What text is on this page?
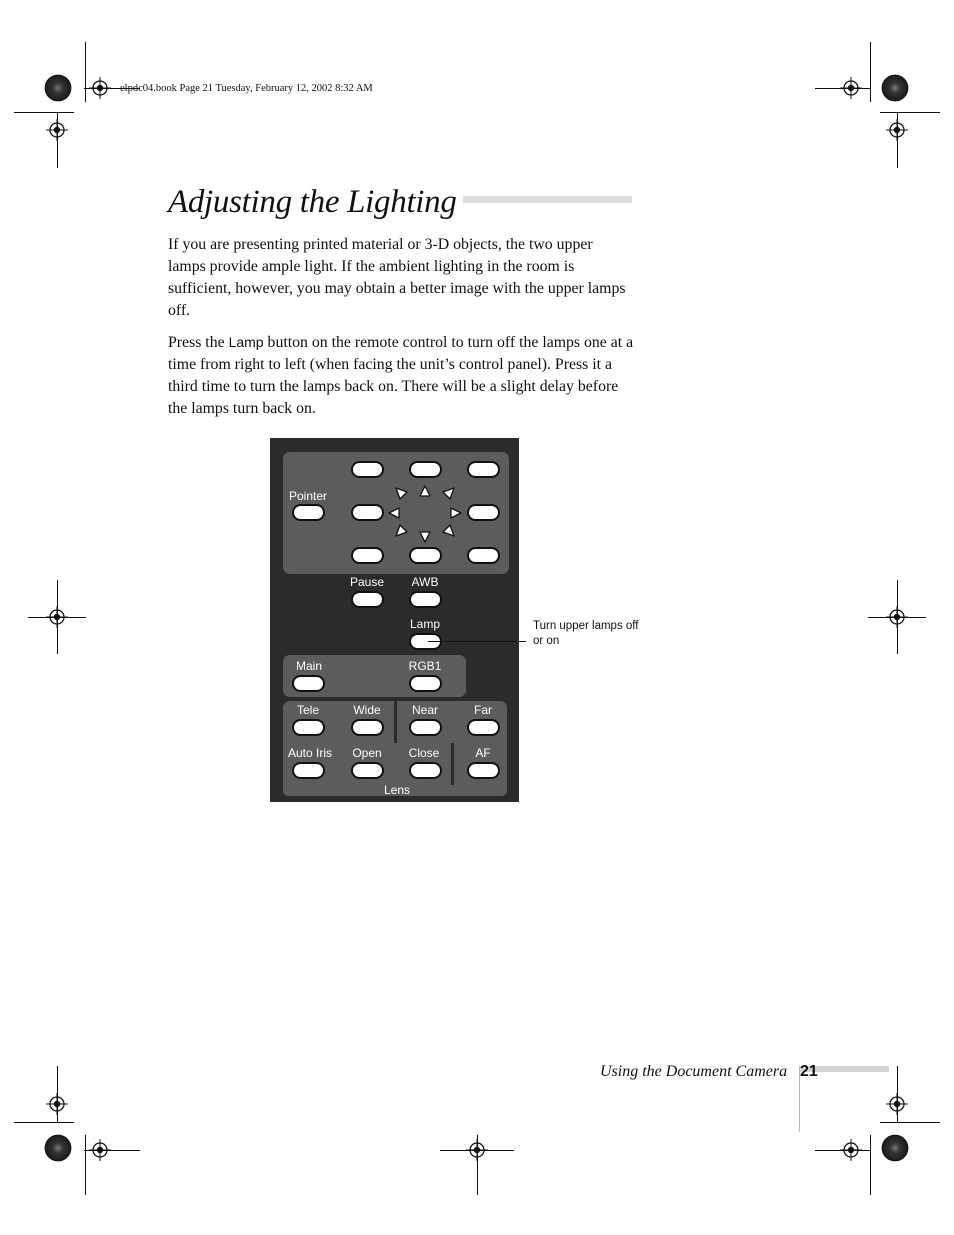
elpdc04.book Page 21 Tuesday, February 12, 2002 8:32 AM
Adjusting the Lighting

If you are presenting printed material or 3-D objects, the two upper lamps provide ample light. If the ambient lighting in the room is sufficient, however, you may obtain a better image with the upper lamps off.

Press the Lamp button on the remote control to turn off the lamps one at a time from right to left (when facing the unit’s control panel). Press it a third time to turn the lamps back on. There will be a slight delay before the lamps turn back on.

Pointer
Pause AWB
Lamp
Main	RGB1
Tele	Wide	Near	Far
Auto Iris Open Close	AF
Lens
Turn upper lamps off or on
Using the Document Camera 21
